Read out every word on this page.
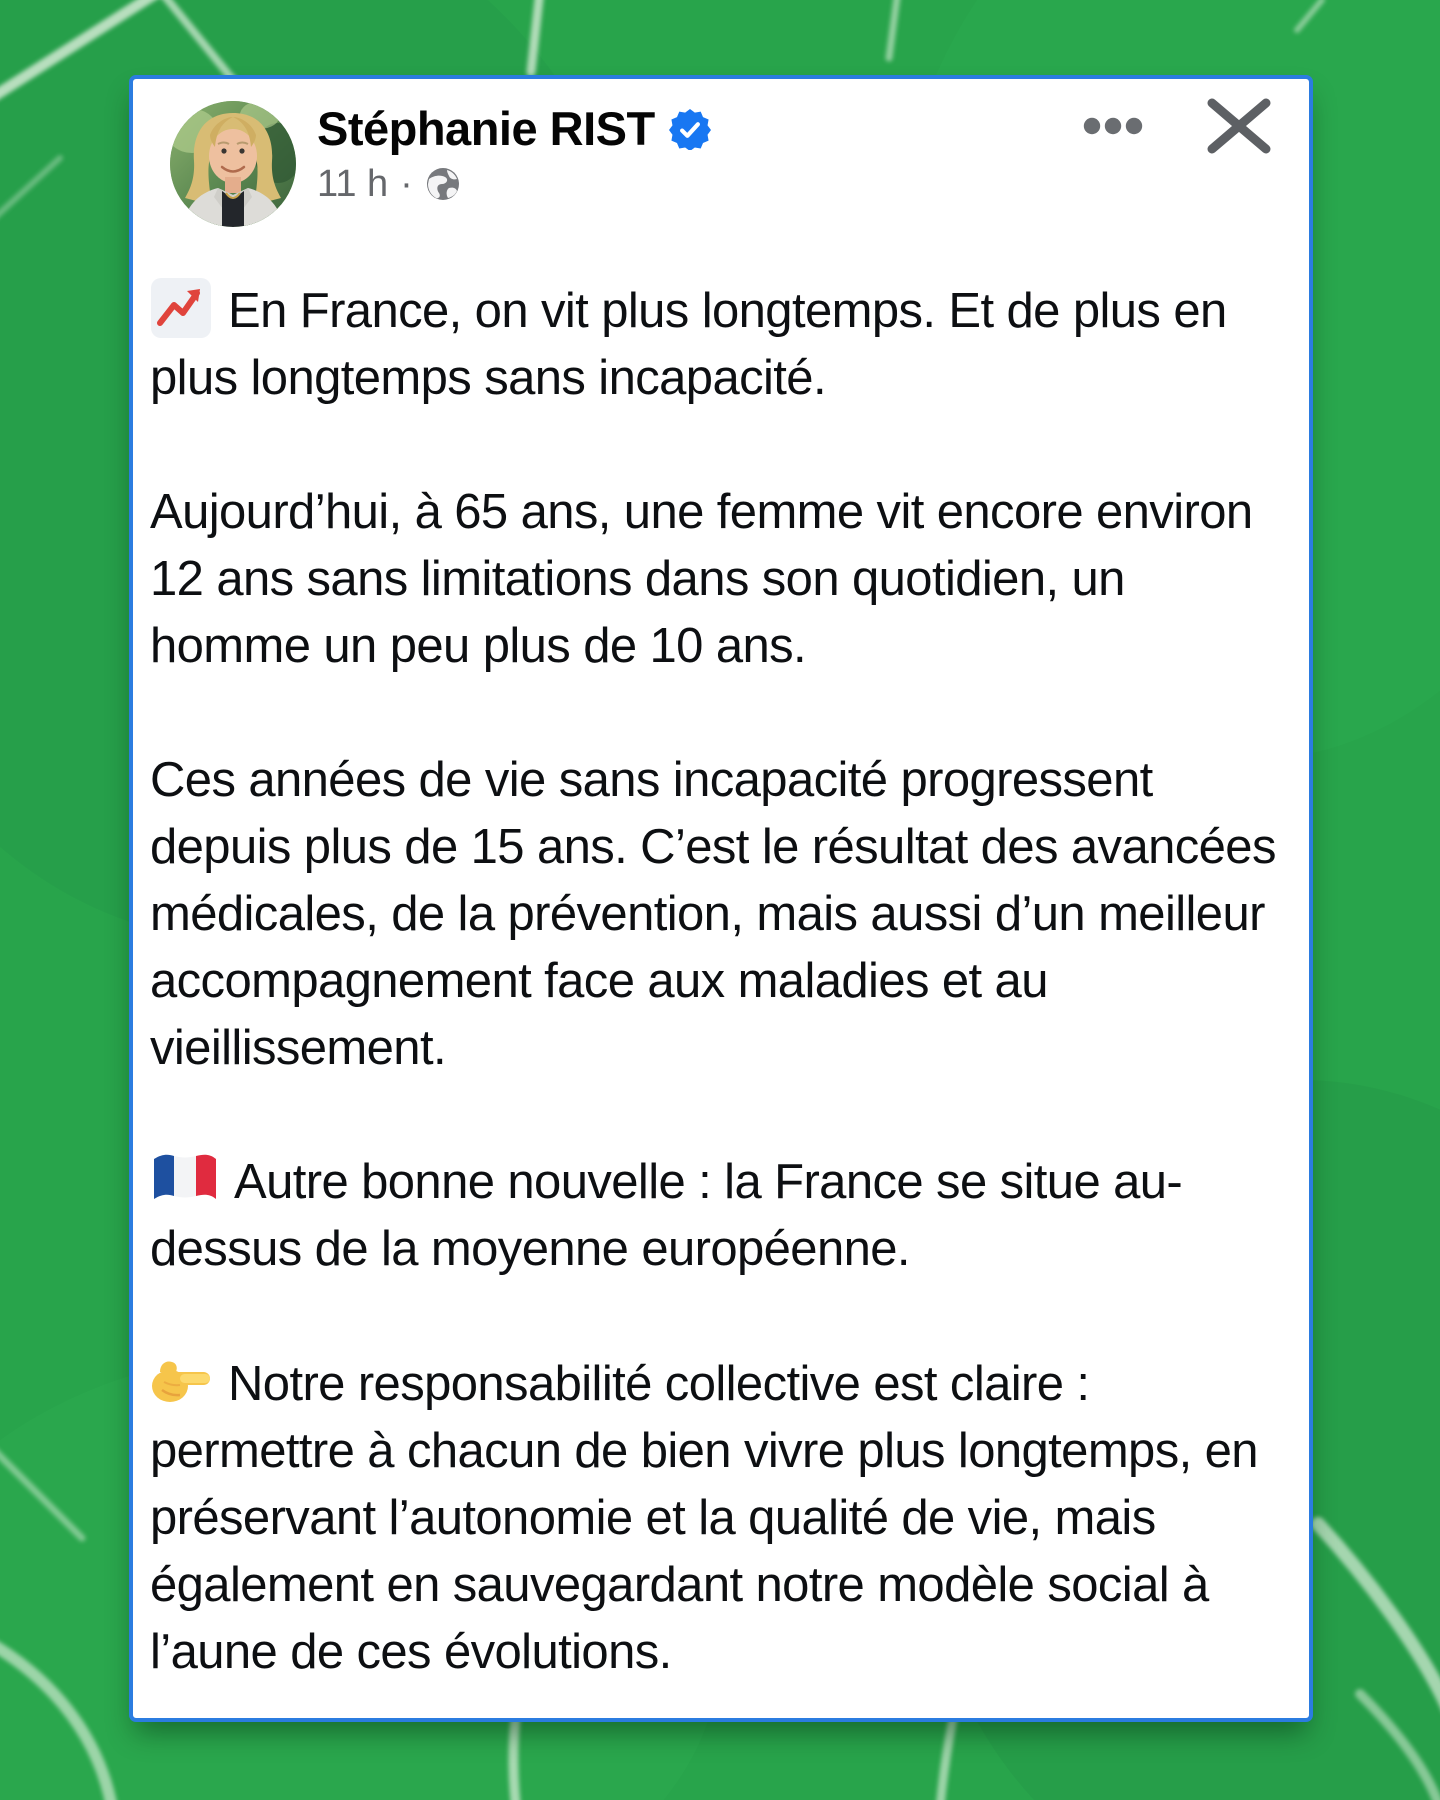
Stéphanie RIST
11 h ·

En France, on vit plus longtemps. Et de plus en plus longtemps sans incapacité.

Aujourd’hui, à 65 ans, une femme vit encore environ 12 ans sans limitations dans son quotidien, un homme un peu plus de 10 ans.

Ces années de vie sans incapacité progressent depuis plus de 15 ans. C’est le résultat des avancées médicales, de la prévention, mais aussi d’un meilleur accompagnement face aux maladies et au vieillissement.

Autre bonne nouvelle : la France se situe au-dessus de la moyenne européenne.

Notre responsabilité collective est claire : permettre à chacun de bien vivre plus longtemps, en préservant l’autonomie et la qualité de vie, mais également en sauvegardant notre modèle social à l’aune de ces évolutions.
